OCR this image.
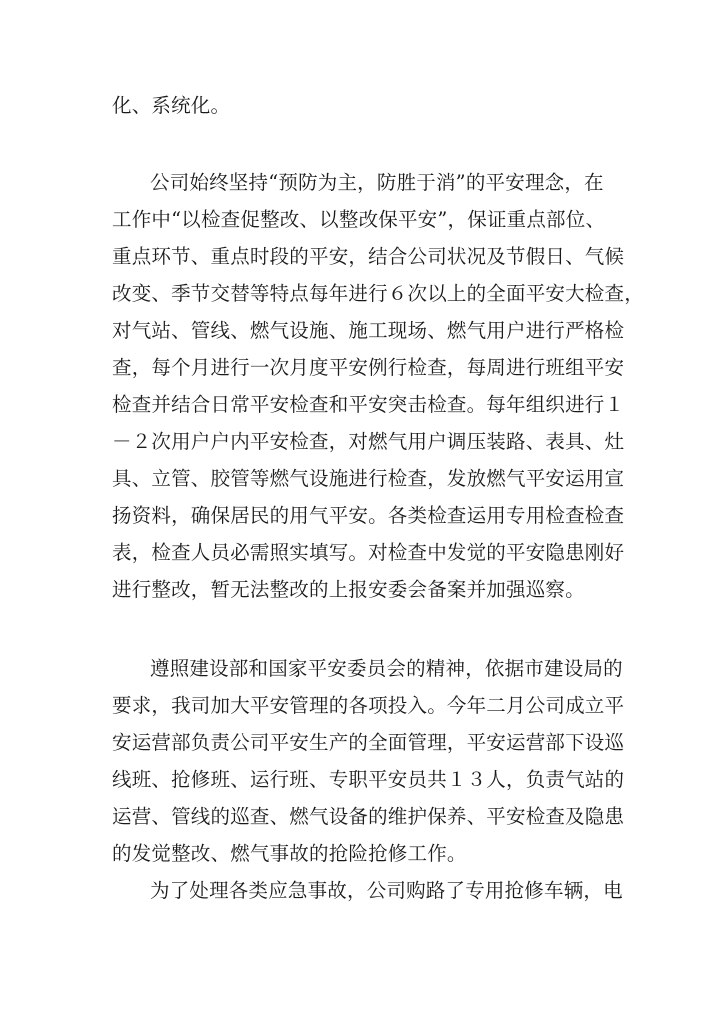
化、系统化。
公司始终坚持“预防为主，防胜于消”的平安理念，在
工作中“以检查促整改、以整改保平安”，保证重点部位、
重点环节、重点时段的平安，结合公司状况及节假日、气候
改变、季节交替等特点每年进行６次以上的全面平安大检查，
对气站、管线、燃气设施、施工现场、燃气用户进行严格检
查，每个月进行一次月度平安例行检查，每周进行班组平安
检查并结合日常平安检查和平安突击检查。每年组织进行１
－２次用户户内平安检查，对燃气用户调压装路、表具、灶
具、立管、胶管等燃气设施进行检查，发放燃气平安运用宣
扬资料，确保居民的用气平安。各类检查运用专用检查检查
表，检查人员必需照实填写。对检查中发觉的平安隐患刚好
进行整改，暂无法整改的上报安委会备案并加强巡察。
遵照建设部和国家平安委员会的精神，依据市建设局的
要求，我司加大平安管理的各项投入。今年二月公司成立平
安运营部负责公司平安生产的全面管理，平安运营部下设巡
线班、抢修班、运行班、专职平安员共１３人，负责气站的
运营、管线的巡查、燃气设备的维护保养、平安检查及隐患
的发觉整改、燃气事故的抢险抢修工作。
为了处理各类应急事故，公司购路了专用抢修车辆，电
